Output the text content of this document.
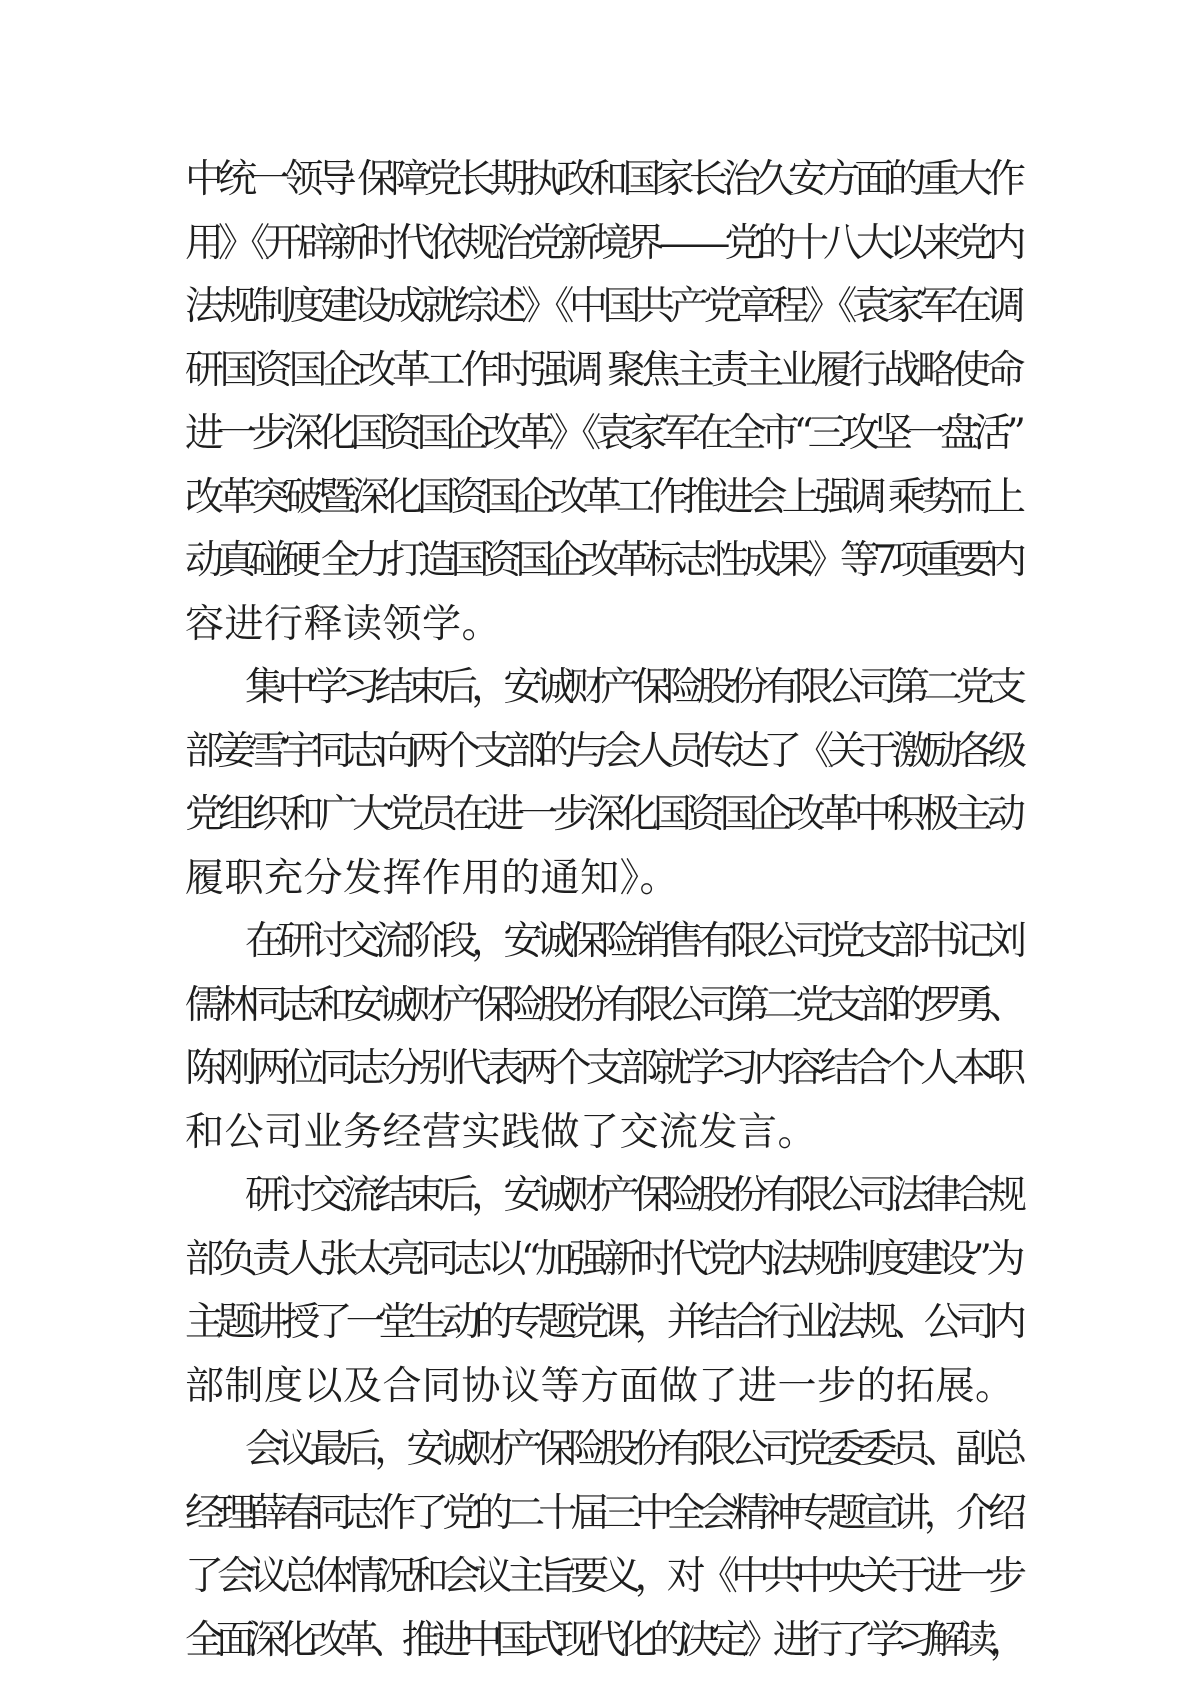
中统一领导 保障党长期执政和国家长治久安方面的重大作
用》《开辟新时代依规治党新境界——党的十八大以来党内
法规制度建设成就综述》《中国共产党章程》《袁家军在调
研国资国企改革工作时强调 聚焦主责主业履行战略使命
进一步深化国资国企改革》《袁家军在全市“三攻坚一盘活”
改革突破暨深化国资国企改革工作推进会上强调 乘势而上
动真碰硬 全力打造国资国企改革标志性成果》等7项重要内
容进行释读领学。
集中学习结束后，安诚财产保险股份有限公司第二党支
部姜雪宇同志向两个支部的与会人员传达了《关于激励各级
党组织和广大党员在进一步深化国资国企改革中积极主动
履职充分发挥作用的通知》。
在研讨交流阶段，安诚保险销售有限公司党支部书记刘
儒林同志和安诚财产保险股份有限公司第二党支部的罗勇、
陈刚两位同志分别代表两个支部就学习内容结合个人本职
和公司业务经营实践做了交流发言。
研讨交流结束后，安诚财产保险股份有限公司法律合规
部负责人张太亮同志以“加强新时代党内法规制度建设”为
主题讲授了一堂生动的专题党课，并结合行业法规、公司内
部制度以及合同协议等方面做了进一步的拓展。
会议最后，安诚财产保险股份有限公司党委委员、副总
经理薛春同志作了党的二十届三中全会精神专题宣讲，介绍
了会议总体情况和会议主旨要义，对《中共中央关于进一步
全面深化改革、推进中国式现代化的决定》进行了学习解读，
